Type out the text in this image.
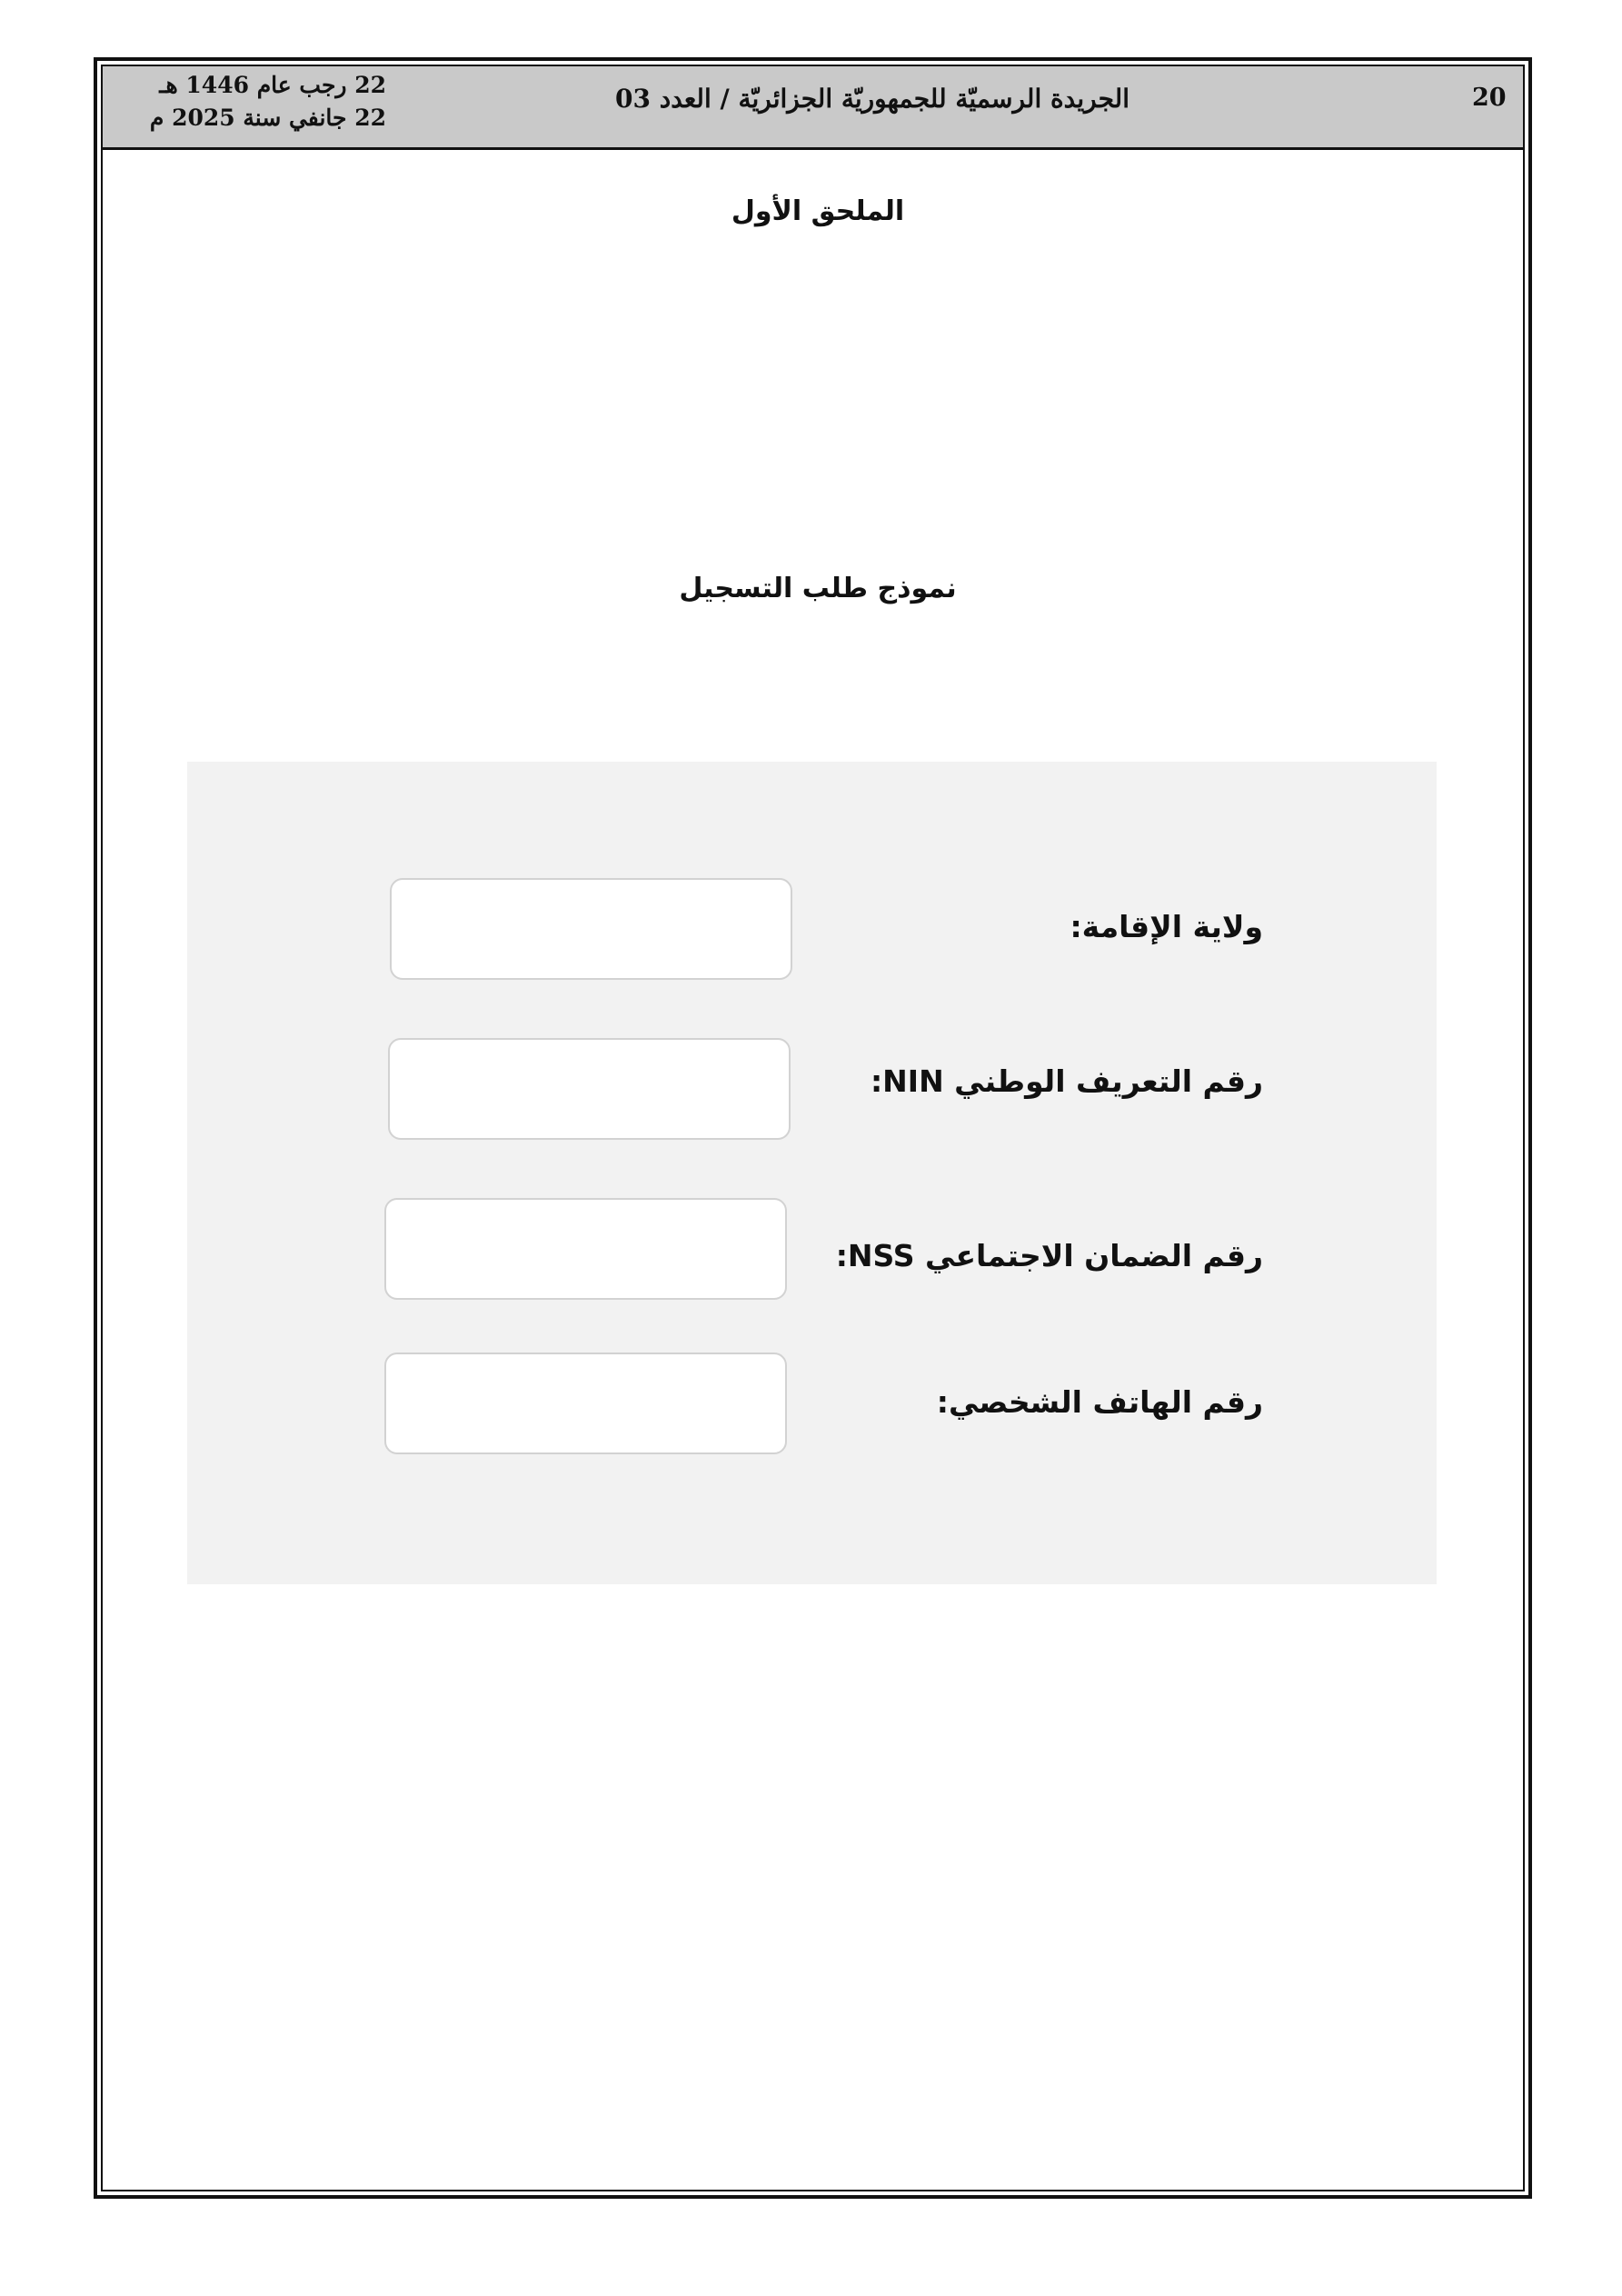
20
الجريدة الرسميّة للجمهوريّة الجزائريّة / العدد 03
22 رجب عام 1446 هـ
22 جانفي سنة 2025 م
الملحق الأول
نموذج طلب التسجيل
ولاية الإقامة:
رقم التعريف الوطني NIN:
رقم الضمان الاجتماعي NSS:
رقم الهاتف الشخصي:
